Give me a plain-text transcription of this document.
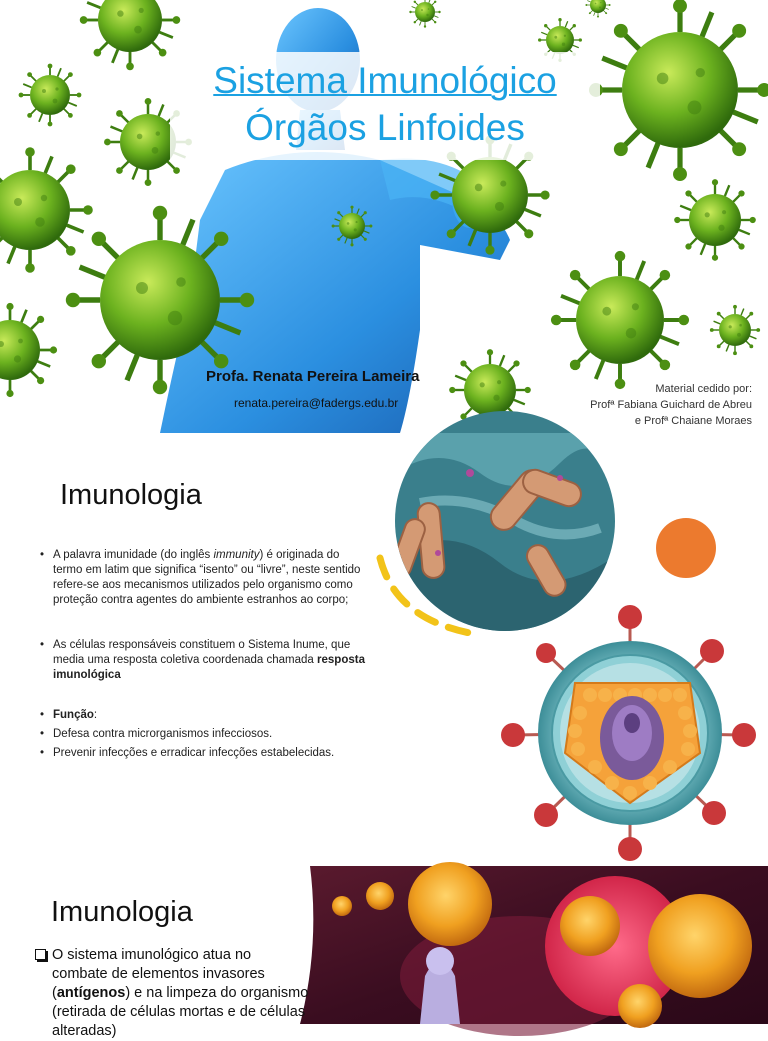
Sistema Imunológico
Órgãos Linfoides
Profa. Renata Pereira Lameira
renata.pereira@fadergs.edu.br
Material cedido por:
Profª Fabiana Guichard de Abreu
e Profª Chaiane Moraes
Imunologia
• A palavra imunidade (do inglês immunity) é originada do termo em latim que significa “isento” ou “livre”, neste sentido refere-se aos mecanismos utilizados pelo organismo como proteção contra agentes do ambiente estranhos ao corpo;
• As células responsáveis constituem o Sistema Inume, que media uma resposta coletiva coordenada chamada resposta imunológica
• Função:
• Defesa contra microrganismos infecciosos.
• Prevenir infecções e erradicar infecções estabelecidas.
Imunologia
O sistema imunológico atua no combate de elementos invasores (antígenos) e na limpeza do organismo (retirada de células mortas e de células alteradas)
